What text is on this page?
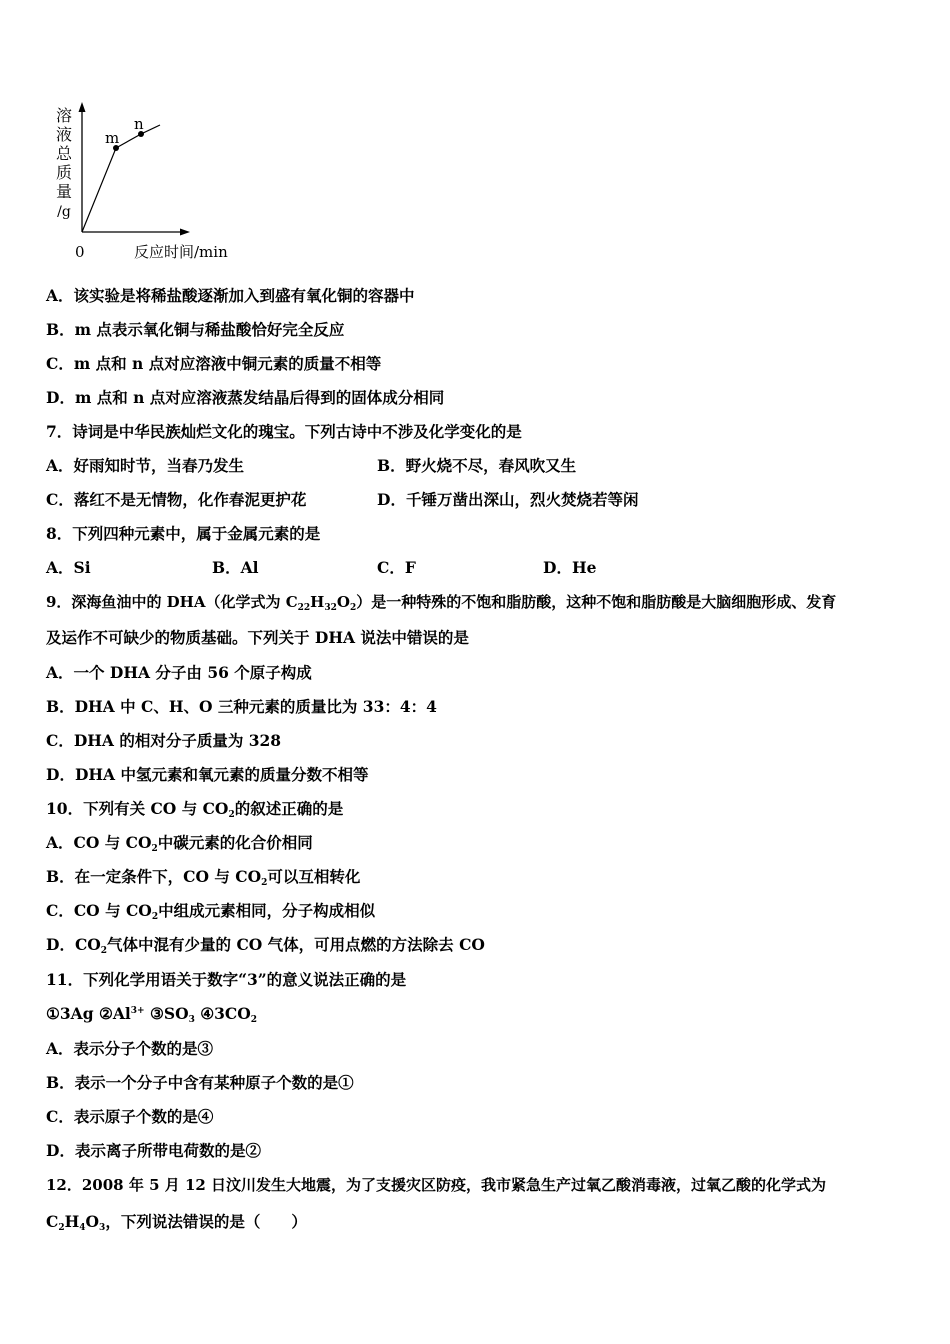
溶
液
总
质
量
/g
m
n
0	反应时间/min
A．该实验是将稀盐酸逐渐加入到盛有氧化铜的容器中
B．m 点表示氧化铜与稀盐酸恰好完全反应
C．m 点和 n 点对应溶液中铜元素的质量不相等
D．m 点和 n 点对应溶液蒸发结晶后得到的固体成分相同
7．诗词是中华民族灿烂文化的瑰宝。下列古诗中不涉及化学变化的是
A．好雨知时节，当春乃发生	B．野火烧不尽，春风吹又生
C．落红不是无情物，化作春泥更护花	D．千锤万凿出深山，烈火焚烧若等闲
8．下列四种元素中，属于金属元素的是
A．Si	B．Al	C．F	D．He
9．深海鱼油中的 DHA（化学式为 $C_{22}H_{32}O_2$）是一种特殊的不饱和脂肪酸，这种不饱和脂肪酸是大脑细胞形成、发育
及运作不可缺少的物质基础。下列关于 DHA 说法中错误的是
A．一个 DHA 分子由 56 个原子构成
B．DHA 中 C、H、O 三种元素的质量比为 33：4：4
C．DHA 的相对分子质量为 328
D．DHA 中氢元素和氧元素的质量分数不相等
10．下列有关 CO 与 $CO_2$的叙述正确的是
A．CO 与 $CO_2$中碳元素的化合价相同
B．在一定条件下，CO 与 $CO_2$可以互相转化
C．CO 与 $CO_2$中组成元素相同，分子构成相似
D．$CO_2$气体中混有少量的 CO 气体，可用点燃的方法除去 CO
11．下列化学用语关于数字“3”的意义说法正确的是
①3Ag $②Al^{3+}$ $③SO_3$ $④3CO_2$
A．表示分子个数的是③
B．表示一个分子中含有某种原子个数的是①
C．表示原子个数的是④
D．表示离子所带电荷数的是②
12．2008 年 5 月 12 日汶川发生大地震，为了支援灾区防疫，我市紧急生产过氧乙酸消毒液，过氧乙酸的化学式为
$C_2H_4O_3$，下列说法错误的是（　　）
